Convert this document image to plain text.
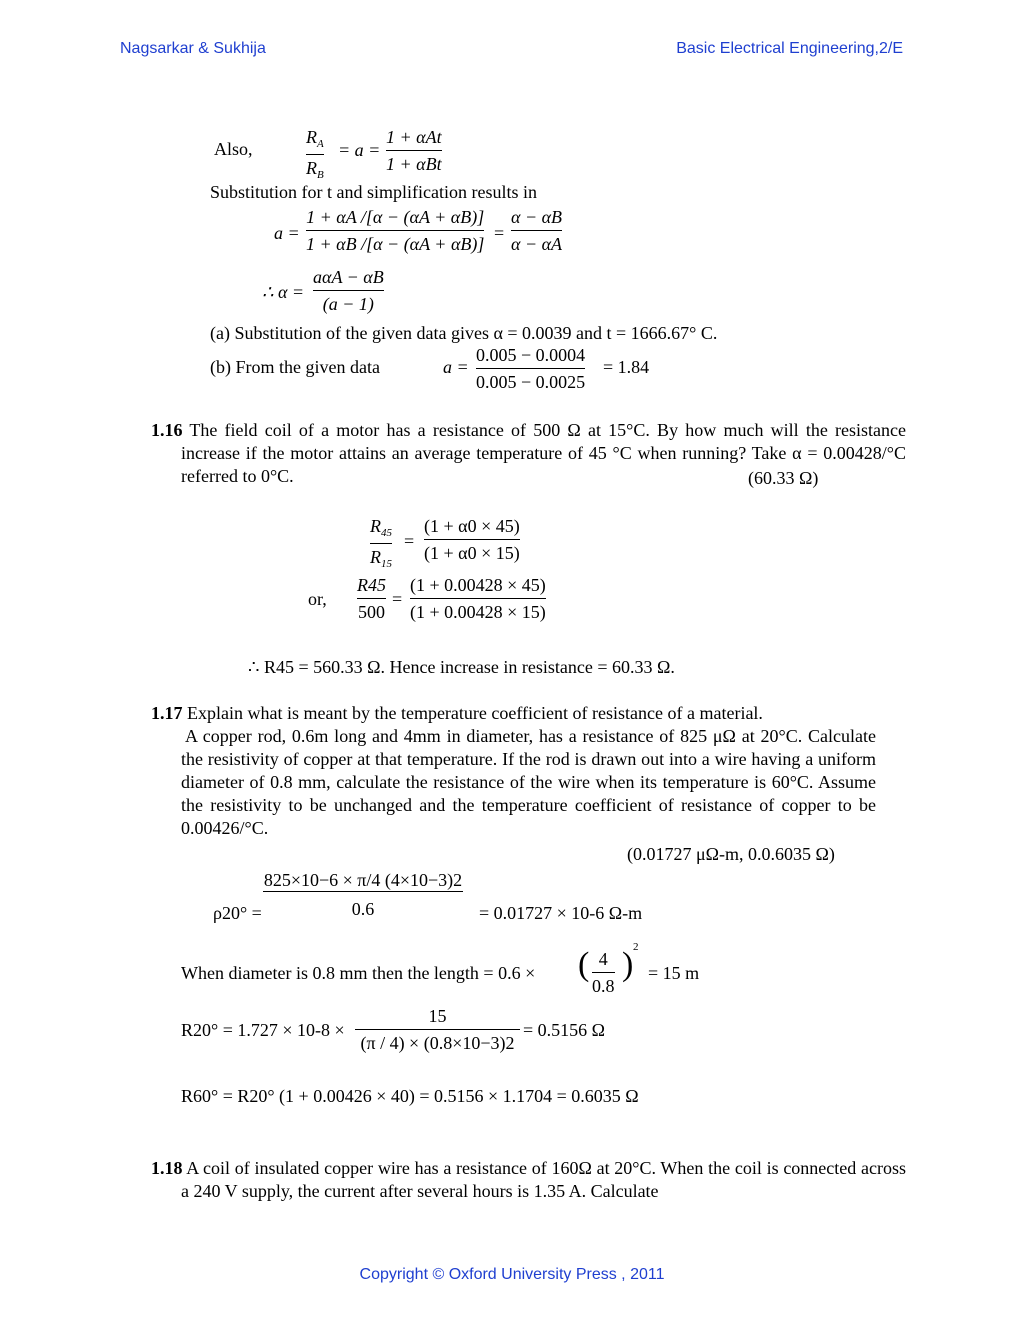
Nagsarkar & Sukhija	Basic Electrical Engineering,2/E
Also,	$\frac{R_A}{R_B} = a$ =
1 + αAt
1 + αBt
Substitution for t and simplification results in
$a = \frac{1 + \alpha A /[\alpha - (\alpha A + \alpha B)]}{1 + \alpha B /[\alpha - (\alpha A + \alpha B)]} = \frac{\alpha - \alpha B}{\alpha - \alpha A}$
∴ α =
aαA − αB
(a − 1)
(a) Substitution of the given data gives α = 0.0039 and t = 1666.67° C.
(b) From the given data	$a = \frac{0.005 - 0.0004}{0.005 - 0.0025} = 1.84$
1.16 The field coil of a motor has a resistance of 500 Ω at 15°C. By how much will the resistance increase if the motor attains an average temperature of 45 °C when running? Take α = 0.00428/°C referred to 0°C.	(60.33 Ω)
$\frac{R_{45}}{R_{15}} = \frac{(1 + \alpha 0 \times 45)}{(1 + \alpha 0 \times 15)}$
or, $\frac{R45}{500} = \frac{(1 + 0.00428 \times 45)}{(1 + 0.00428 \times 15)}$
∴ R45 = 560.33 Ω. Hence increase in resistance = 60.33 Ω.
1.17 Explain what is meant by the temperature coefficient of resistance of a material.
A copper rod, 0.6m long and 4mm in diameter, has a resistance of 825 μΩ at 20°C. Calculate the resistivity of copper at that temperature. If the rod is drawn out into a wire having a uniform diameter of 0.8 mm, calculate the resistance of the wire when its temperature is 60°C. Assume the resistivity to be unchanged and the temperature coefficient of resistance of copper to be 0.00426/°C.
(0.01727 μΩ-m, 0.0.6035 Ω)
$\rho 20^\circ = \frac{825\times 10-6 \times \pi/4 (4\times 10-3)2}{0.6} = 0.01727 \times 10-6$ Ω-m
When diameter is 0.8 mm then the length = 0.6 × ( $\frac{4}{0.8}$ ) 2
= 15 m
$R20^\circ = 1.727 \times 10-8 \times \frac{15}{(\pi / 4) \times (0.8\times 10-3)2} = 0.5156$ Ω
R60° = R20° (1 + 0.00426 × 40) = 0.5156 × 1.1704 = 0.6035 Ω
1.18 A coil of insulated copper wire has a resistance of 160Ω at 20°C. When the coil is connected across a 240 V supply, the current after several hours is 1.35 A. Calculate
Copyright © Oxford University Press , 2011
